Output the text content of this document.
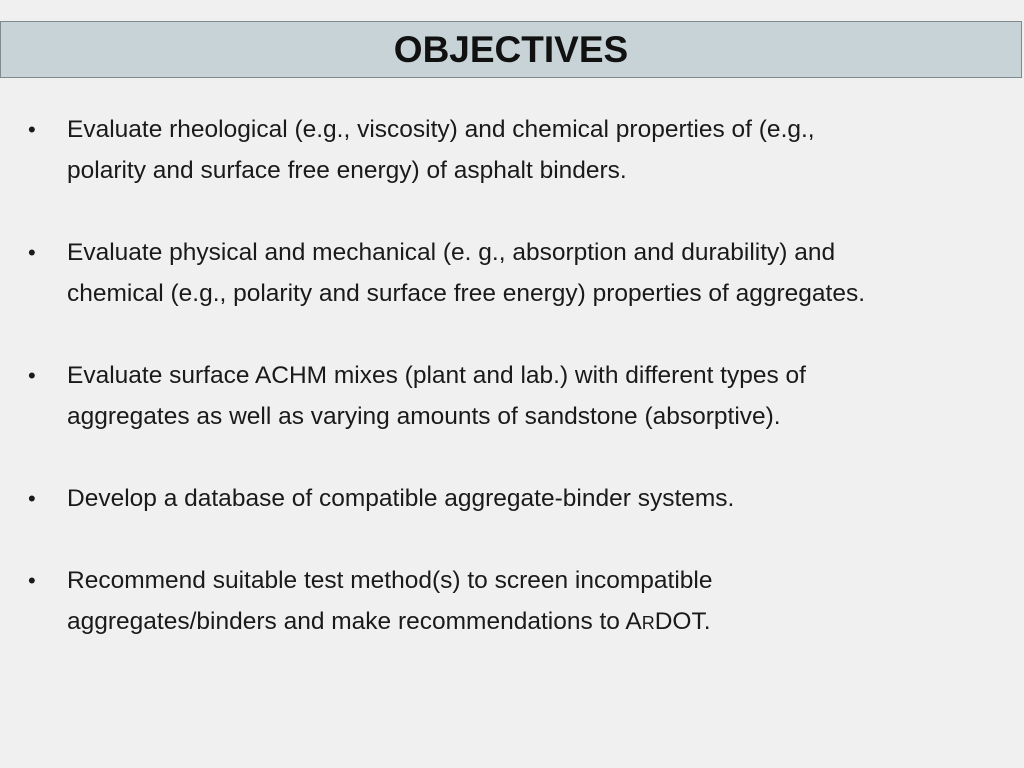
OBJECTIVES
• Evaluate rheological (e.g., viscosity) and chemical properties of (e.g.,
polarity and surface free energy) of asphalt binders.
• Evaluate physical and mechanical (e. g., absorption and durability) and
chemical (e.g., polarity and surface free energy) properties of aggregates.
• Evaluate surface ACHM mixes (plant and lab.) with different types of
aggregates as well as varying amounts of sandstone (absorptive).
• Develop a database of compatible aggregate-binder systems.
• Recommend suitable test method(s) to screen incompatible
aggregates/binders and make recommendations to ARDOT.
